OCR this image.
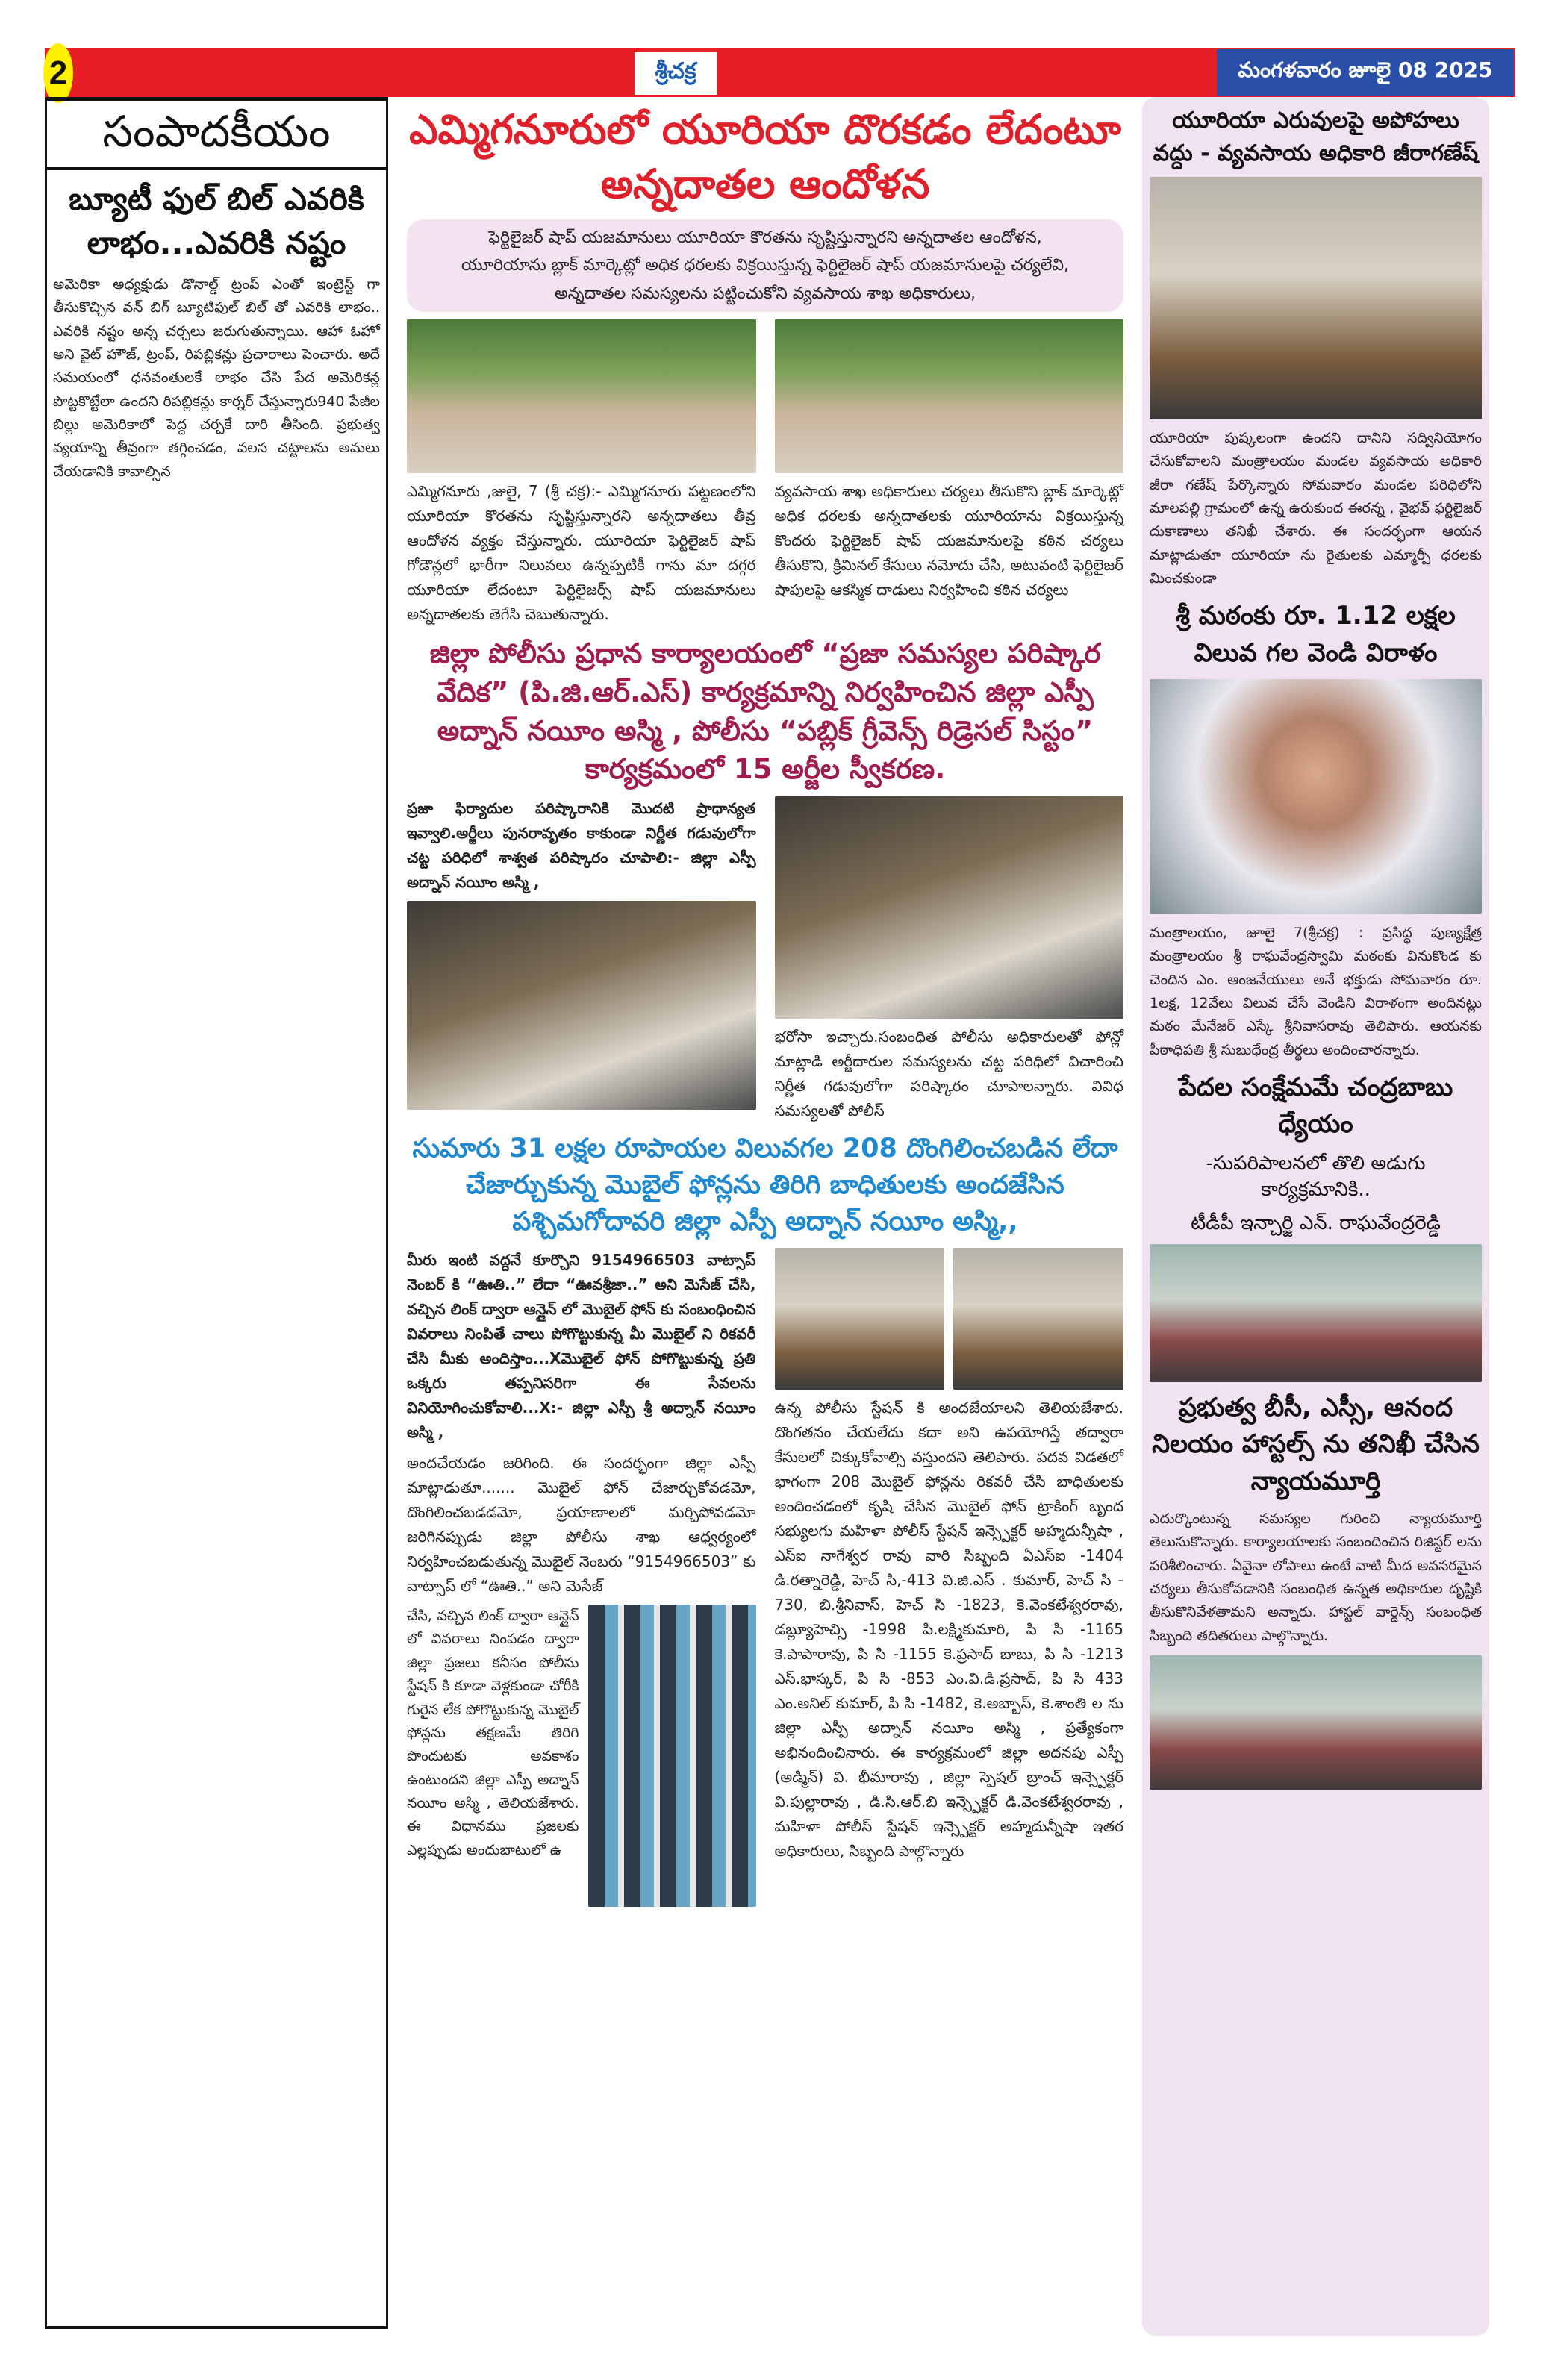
2	శ్రీచక్ర	మంగళవారం జూలై 08 2025
సంపాదకీయం
బ్యూటీ ఫుల్ బిల్ ఎవరికి లాభం...ఎవరికి నష్టం
అమెరికా అధ్యక్షుడు డొనాల్డ్ ట్రంప్ ఎంతో ఇంట్రెస్ట్ గా తీసుకొచ్చిన వన్ బిగ్ బ్యూటిఫుల్ బిల్ తో ఎవరికి లాభం.. ఎవరికి నష్టం అన్న చర్చలు జరుగుతున్నాయి. ఆహా ఓహో అని వైట్ హౌజ్, ట్రంప్, రిపబ్లికన్లు ప్రచారాలు పెంచారు. అదే సమయంలో ధనవంతులకే లాభం చేసి పేద అమెరికన్ల పొట్టకొట్టేలా ఉందని రిపబ్లికన్లు కార్నర్ చేస్తున్నారు940 పేజీల బిల్లు అమెరికాలో పెద్ద చర్చకే దారి తీసింది. ప్రభుత్వ వ్యయాన్ని తీవ్రంగా తగ్గించడం, వలస చట్టాలను అమలు చేయడానికి కావాల్సిన
ఎమ్మిగనూరులో యూరియా దొరకడం లేదంటూ అన్నదాతల ఆందోళన
ఫెర్టిలైజర్ షాప్ యజమానులు యూరియా కొరతను సృష్టిస్తున్నారని అన్నదాతల ఆందోళన,
యూరియాను బ్లాక్ మార్కెట్లో అధిక ధరలకు విక్రయిస్తున్న ఫెర్టిలైజర్ షాప్ యజమానులపై చర్యలేవి,
అన్నదాతల సమస్యలను పట్టించుకోని వ్యవసాయ శాఖ అధికారులు,
ఎమ్మిగనూరు ,జులై, 7 (శ్రీ చక్ర):- ఎమ్మిగనూరు పట్టణంలోని యూరియా కొరతను సృష్టిస్తున్నారని అన్నదాతలు తీవ్ర ఆందోళన వ్యక్తం చేస్తున్నారు. యూరియా ఫెర్టిలైజర్ షాప్ గోడౌన్లలో భారీగా నిలువలు ఉన్నప్పటికీ గాను మా దగ్గర యూరియా లేదంటూ ఫెర్టిలైజర్స్ షాప్ యజమానులు అన్నదాతలకు తెగేసి చెబుతున్నారు.
వ్యవసాయ శాఖ అధికారులు చర్యలు తీసుకొని బ్లాక్ మార్కెట్లో అధిక ధరలకు అన్నదాతలకు యూరియాను విక్రయిస్తున్న కొందరు ఫెర్టిలైజర్ షాప్ యజమానులపై కఠిన చర్యలు తీసుకొని, క్రిమినల్ కేసులు నమోదు చేసి, అటువంటి ఫెర్టిలైజర్ షాపులపై ఆకస్మిక దాడులు నిర్వహించి కఠిన చర్యలు
జిల్లా పోలీసు ప్రధాన కార్యాలయంలో “ప్రజా సమస్యల పరిష్కార వేదిక” (పి.జి.ఆర్.ఎస్) కార్యక్రమాన్ని నిర్వహించిన జిల్లా ఎస్పీ అద్నాన్ నయీం అస్మి , పోలీసు “పబ్లిక్ గ్రీవెన్స్ రిడ్రెసల్ సిస్టం” కార్యక్రమంలో 15 అర్జీల స్వీకరణ.
ప్రజా ఫిర్యాదుల పరిష్కారానికి మొదటి ప్రాధాన్యత ఇవ్వాలి.అర్జీలు పునరావృతం కాకుండా నిర్ణీత గడువులోగా చట్ట పరిధిలో శాశ్వత పరిష్కారం చూపాలి:- జిల్లా ఎస్పీ అద్నాన్ నయీం అస్మి ,
భరోసా ఇచ్చారు.సంబంధిత పోలీసు అధికారులతో ఫోన్లో మాట్లాడి అర్జీదారుల సమస్యలను చట్ట పరిధిలో విచారించి నిర్ణీత గడువులోగా పరిష్కారం చూపాలన్నారు. వివిధ సమస్యలతో పోలీస్
సుమారు 31 లక్షల రూపాయల విలువగల 208 దొంగిలించబడిన లేదా చేజార్చుకున్న మొబైల్ ఫోన్లను తిరిగి బాధితులకు అందజేసిన పశ్చిమగోదావరి జిల్లా ఎస్పీ అద్నాన్ నయీం అస్మి,,
మీరు ఇంటి వద్దనే కూర్చొని 9154966503 వాట్సాప్ నెంబర్ కి “ఊతి..” లేదా “ఊవశ్రీజా..” అని మెసేజ్ చేసి, వచ్చిన లింక్ ద్వారా ఆన్లైన్ లో మొబైల్ ఫోన్ కు సంబంధించిన వివరాలు నింపితే చాలు పోగొట్టుకున్న మీ మొబైల్ ని రికవరీ చేసి మీకు అందిస్తాం...Xమొబైల్ ఫోన్ పోగొట్టుకున్న ప్రతి ఒక్కరు తప్పనిసరిగా ఈ సేవలను వినియోగించుకోవాలి...X:- జిల్లా ఎస్పీ శ్రీ అద్నాన్ నయీం అస్మి ,
అందచేయడం జరిగింది. ఈ సందర్భంగా జిల్లా ఎస్పీ మాట్లాడుతూ....... మొబైల్ ఫోన్ చేజార్చుకోవడమో, దొంగిలించబడడమో, ప్రయాణాలలో మర్చిపోవడమో జరిగినప్పుడు జిల్లా పోలీసు శాఖ ఆధ్వర్యంలో నిర్వహించబడుతున్న మొబైల్ నెంబరు “9154966503” కు వాట్సాప్ లో “ఊతి..” అని మెసేజ్
చేసి, వచ్చిన లింక్ ద్వారా ఆన్లైన్ లో వివరాలు నింపడం ద్వారా జిల్లా ప్రజలు కనీసం పోలీసు స్టేషన్ కి కూడా వెళ్లకుండా చోరీకి గురైన లేక పోగొట్టుకున్న మొబైల్ ఫోన్లను తక్షణమే తిరిగి పొందుటకు అవకాశం ఉంటుందని జిల్లా ఎస్పీ అద్నాన్ నయీం అస్మి , తెలియజేశారు. ఈ విధానము ప్రజలకు ఎల్లప్పుడు అందుబాటులో ఉ
ఉన్న పోలీసు స్టేషన్ కి అందజేయాలని తెలియజేశారు. దొంగతనం చేయలేదు కదా అని ఉపయోగిస్తే తద్వారా కేసులలో చిక్కుకోవాల్సి వస్తుందని తెలిపారు. పదవ విడతలో భాగంగా 208 మొబైల్ ఫోన్లను రికవరీ చేసి బాధితులకు అందించడంలో కృషి చేసిన మొబైల్ ఫోన్ ట్రాకింగ్ బృంద సభ్యులగు మహిళా పోలీస్ స్టేషన్ ఇన్స్పెక్టర్ అహ్మదున్నీషా , ఎస్ఐ నాగేశ్వర రావు వారి సిబ్బంది ఏఎస్ఐ -1404 డి.రత్నారెడ్డి, హెచ్ సి,-413 వి.జి.ఎస్ . కుమార్, హెచ్ సి - 730, బి.శ్రీనివాస్, హెచ్ సి -1823, కె.వెంకటేశ్వరరావు, డబ్ల్యూహెచ్సి -1998 పి.లక్ష్మికుమారి, పి సి -1165 కె.పాపారావు, పి సి -1155 కె.ప్రసాద్ బాబు, పి సి -1213 ఎస్.భాస్కర్, పి సి -853 ఎం.వి.డి.ప్రసాద్, పి సి 433 ఎం.అనిల్ కుమార్, పి సి -1482, కె.అబ్బాస్, కె.శాంతి ల ను జిల్లా ఎస్పీ అద్నాన్ నయీం అస్మి , ప్రత్యేకంగా అభినందించినారు. ఈ కార్యక్రమంలో జిల్లా అదనపు ఎస్పీ (అడ్మిన్) వి. భీమారావు , జిల్లా స్పెషల్ బ్రాంచ్ ఇన్స్పెక్టర్ వి.పుల్లారావు , డి.సి.ఆర్.బి ఇన్స్పెక్టర్ డి.వెంకటేశ్వరరావు , మహిళా పోలీస్ స్టేషన్ ఇన్స్పెక్టర్ అహ్మదున్నీషా ఇతర అధికారులు, సిబ్బంది పాల్గొన్నారు
యూరియా ఎరువులపై అపోహలు వద్దు - వ్యవసాయ అధికారి జీరాగణేష్
యూరియా పుష్కలంగా ఉందని దానిని సద్వినియోగం చేసుకోవాలని మంత్రాలయం మండల వ్యవసాయ అధికారి జీరా గణేష్ పేర్కొన్నారు సోమవారం మండల పరిధిలోని మాలపల్లి గ్రామంలో ఉన్న ఉరుకుంద ఈరన్న , వైభవ్ ఫర్టిలైజర్ దుకాణాలు తనిఖీ చేశారు. ఈ సందర్భంగా ఆయన మాట్లాడుతూ యూరియా ను రైతులకు ఎమ్మార్పీ ధరలకు మించకుండా
శ్రీ మఠంకు రూ. 1.12 లక్షల విలువ గల వెండి విరాళం
మంత్రాలయం, జూలై 7(శ్రీచక్ర) : ప్రసిద్ధ పుణ్యక్షేత్ర మంత్రాలయం శ్రీ రాఘవేంద్రస్వామి మఠంకు వినుకొండ కు చెందిన ఎం. ఆంజనేయులు అనే భక్తుడు సోమవారం రూ. 1లక్ష, 12వేలు విలువ చేసే వెండిని విరాళంగా అందినట్లు మఠం మేనేజర్ ఎస్కే శ్రీనివాసరావు తెలిపారు. ఆయనకు పీఠాధిపతి శ్రీ సుబుధేంద్ర తీర్థలు అందించారన్నారు.
పేదల సంక్షేమమే చంద్రబాబు ధ్యేయం
-సుపరిపాలనలో తొలి అడుగు కార్యక్రమానికి..
టీడీపీ ఇన్చార్జి ఎన్. రాఘవేంద్రరెడ్డి
ప్రభుత్వ బీసీ, ఎస్సీ, ఆనంద నిలయం హాస్టల్స్ ను తనిఖీ చేసిన న్యాయమూర్తి
ఎదుర్కొంటున్న సమస్యల గురించి న్యాయమూర్తి తెలుసుకొన్నారు. కార్యాలయాలకు సంబందించిన రిజిస్టర్ లను పరిశీలించారు. ఏవైనా లోపాలు ఉంటే వాటి మీద అవసరమైన చర్యలు తీసుకోవడానికి సంబంధిత ఉన్నత అధికారుల దృష్టికి తీసుకొనివేళతామని అన్నారు. హాస్టల్ వార్డెన్స్ సంబంధిత సిబ్బంది తదితరులు పాల్గొన్నారు.
